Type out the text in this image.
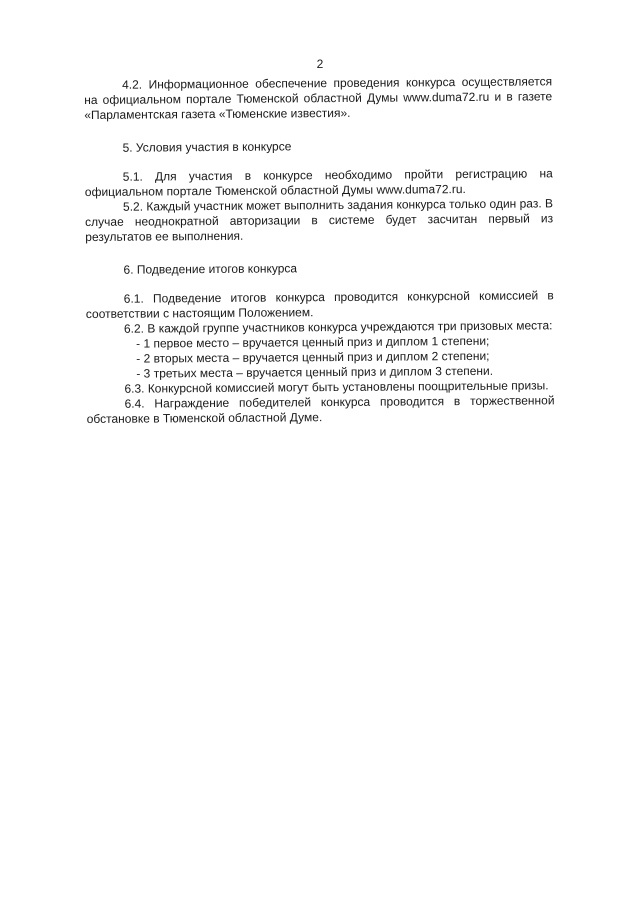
2

4.2. Информационное обеспечение проведения конкурса осуществляется на официальном портале Тюменской областной Думы www.duma72.ru и в газете «Парламентская газета «Тюменские известия».

5. Условия участия в конкурсе

5.1. Для участия в конкурсе необходимо пройти регистрацию на официальном портале Тюменской областной Думы www.duma72.ru.

5.2. Каждый участник может выполнить задания конкурса только один раз. В случае неоднократной авторизации в системе будет засчитан первый из результатов ее выполнения.

6. Подведение итогов конкурса

6.1. Подведение итогов конкурса проводится конкурсной комиссией в соответствии с настоящим Положением.

6.2. В каждой группе участников конкурса учреждаются три призовых места:

- 1 первое место – вручается ценный приз и диплом 1 степени;

- 2 вторых места – вручается ценный приз и диплом 2 степени;

- 3 третьих места – вручается ценный приз и диплом 3 степени.

6.3. Конкурсной комиссией могут быть установлены поощрительные призы.

6.4. Награждение победителей конкурса проводится в торжественной обстановке в Тюменской областной Думе.
